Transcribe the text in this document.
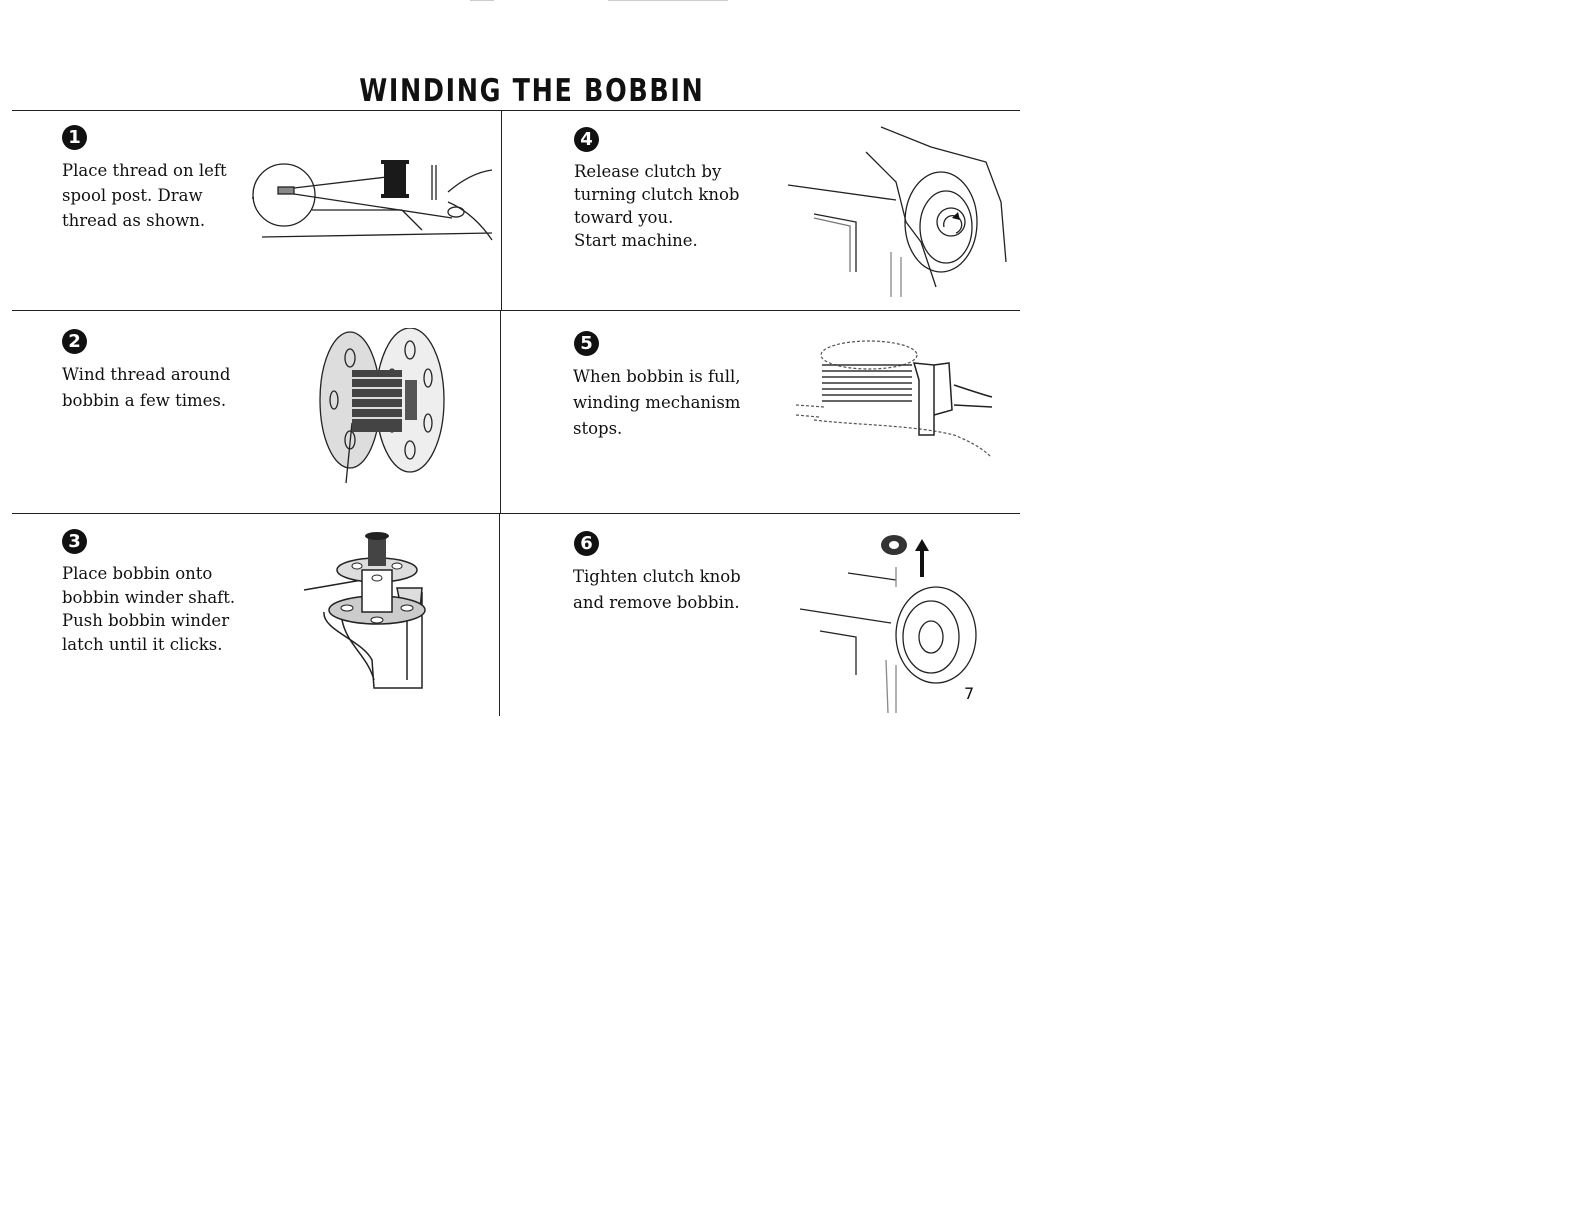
WINDING THE BOBBIN
1

Place thread on left
spool post. Draw
thread as shown.

4

Release clutch by
turning clutch knob
toward you.
Start machine.

2

Wind thread around
bobbin a few times.

5

When bobbin is full,
winding mechanism
stops.

3

Place bobbin onto
bobbin winder shaft.
Push bobbin winder
latch until it clicks.

6

Tighten clutch knob
and remove bobbin.

7
